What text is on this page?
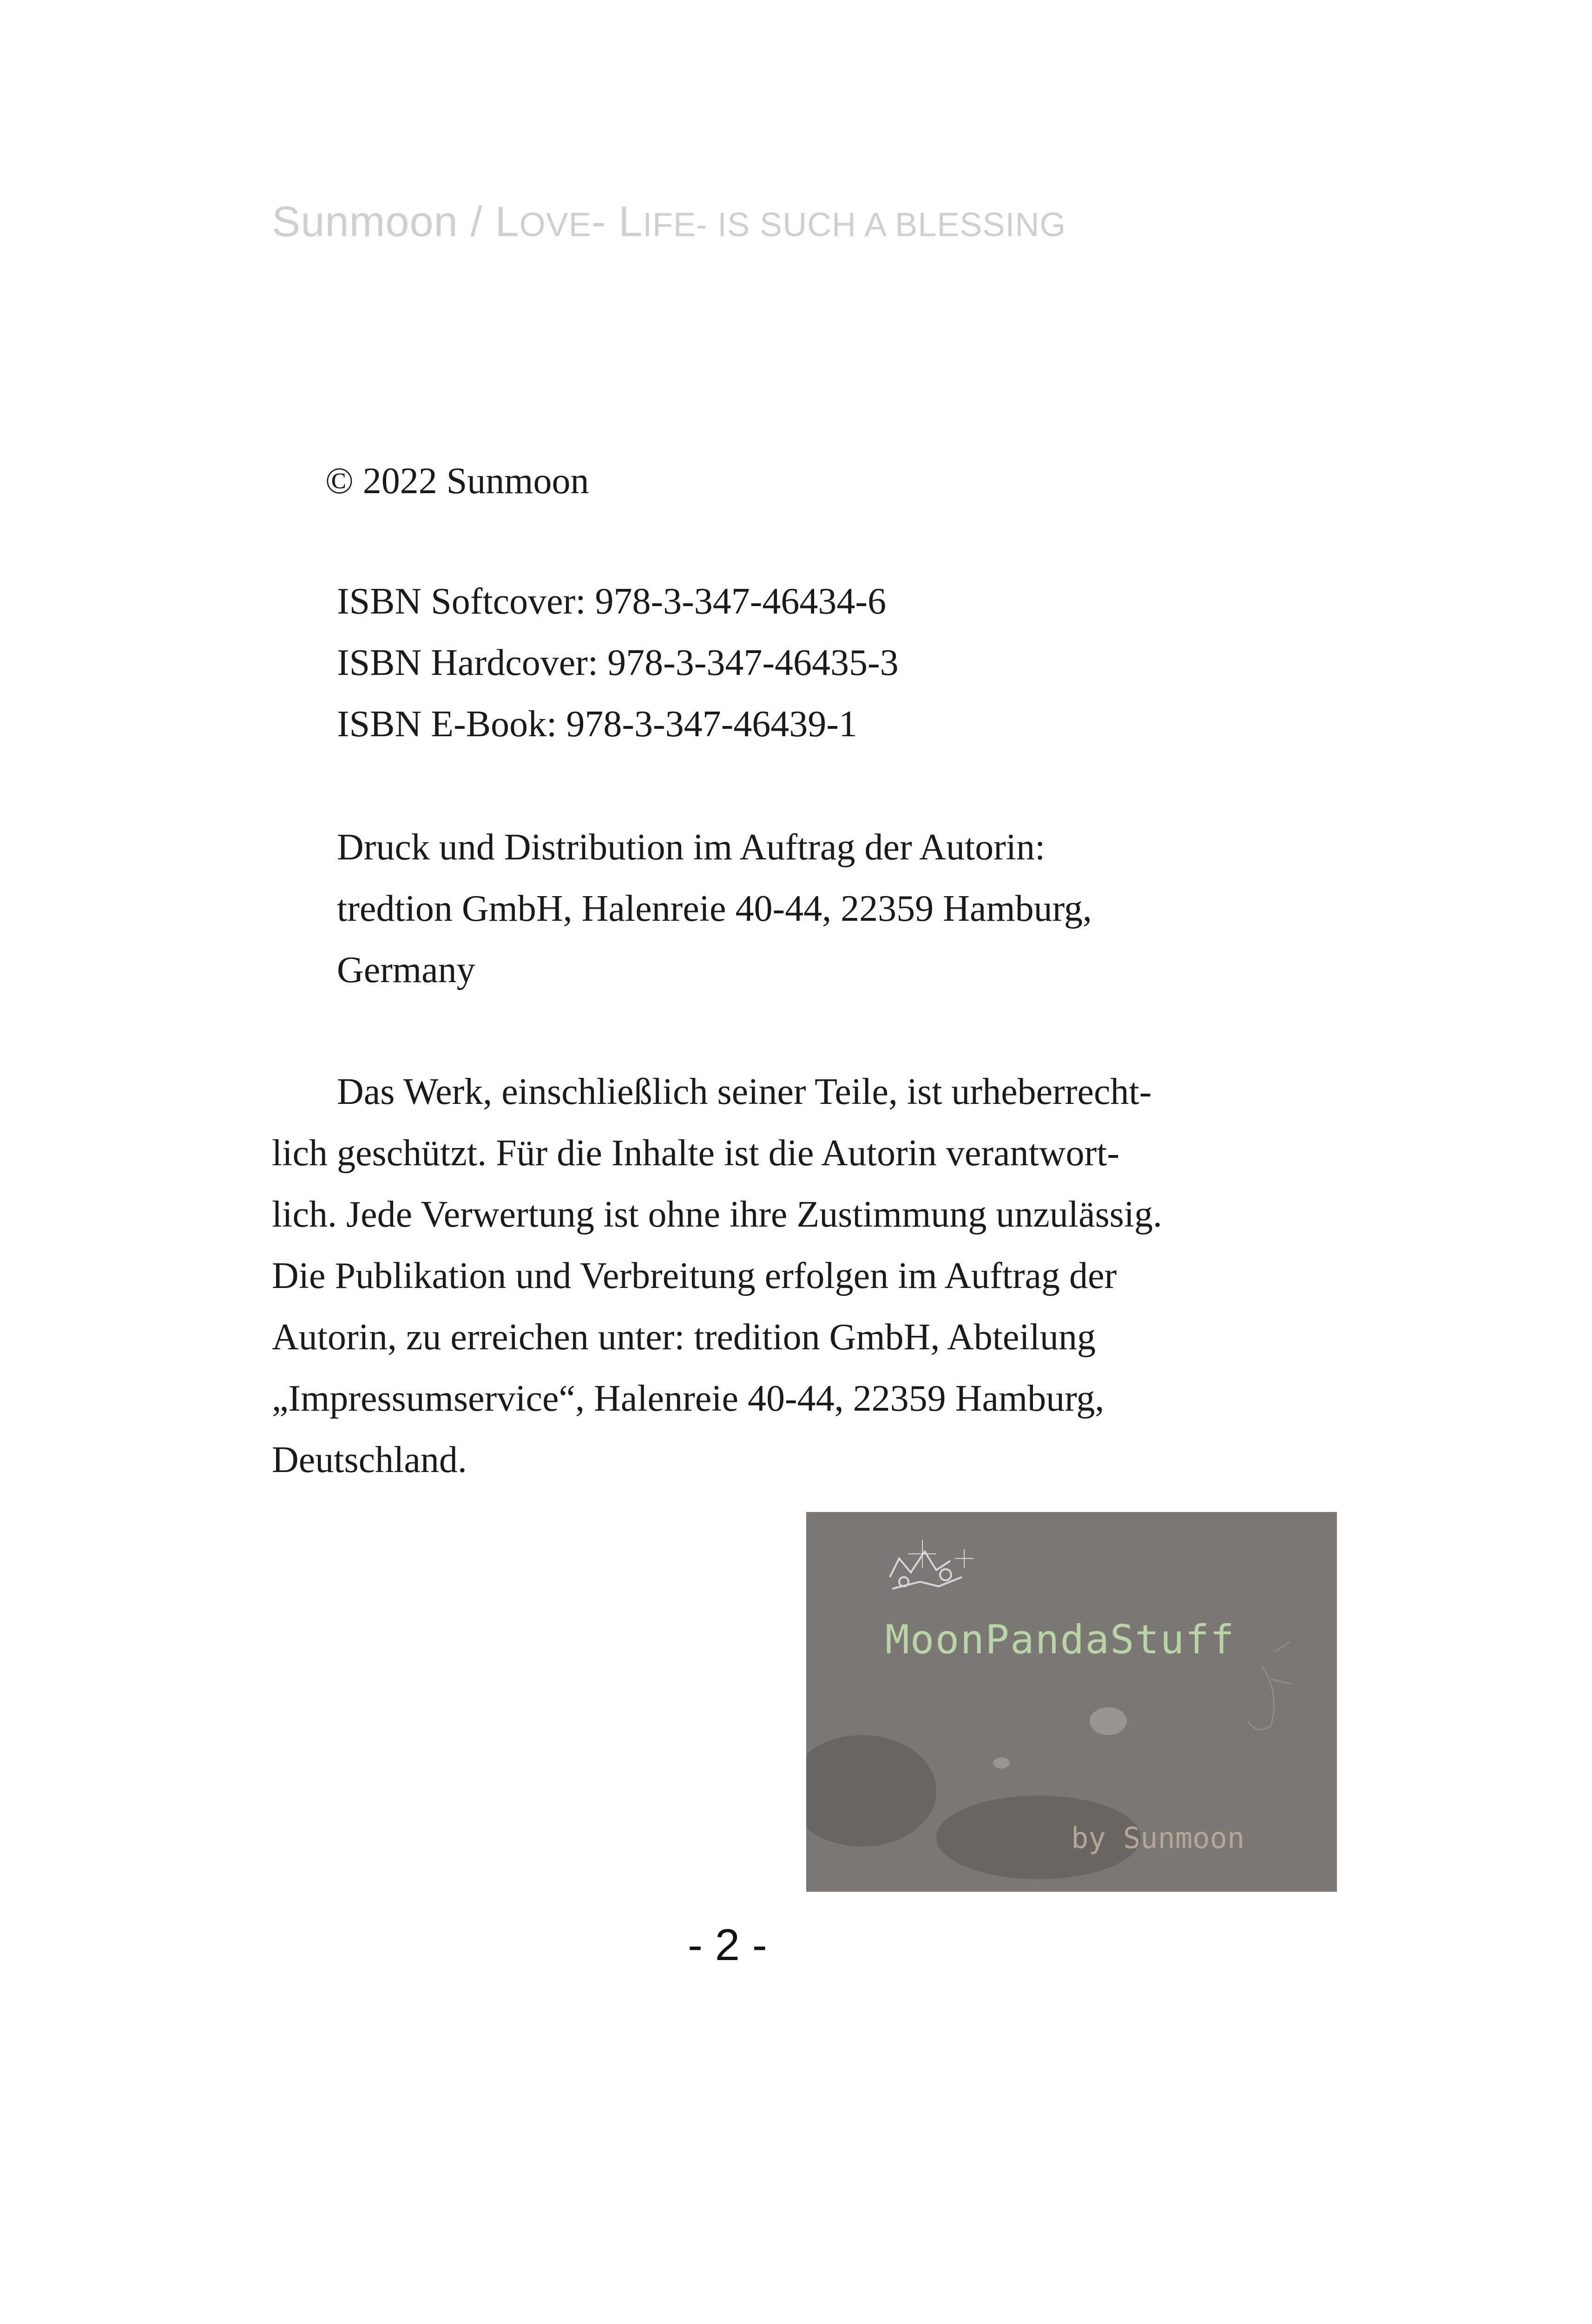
Sunmoon / LOVE- LIFE- IS SUCH A BLESSING
© 2022 Sunmoon
ISBN Softcover: 978-3-347-46434-6
ISBN Hardcover: 978-3-347-46435-3
ISBN E-Book: 978-3-347-46439-1
Druck und Distribution im Auftrag der Autorin:
tredtion GmbH, Halenreie 40-44, 22359 Hamburg,
Germany
Das Werk, einschließlich seiner Teile, ist urheberrecht-
lich geschützt. Für die Inhalte ist die Autorin verantwort-
lich. Jede Verwertung ist ohne ihre Zustimmung unzulässig.
Die Publikation und Verbreitung erfolgen im Auftrag der
Autorin, zu erreichen unter: tredition GmbH, Abteilung
„Impressumservice“, Halenreie 40-44, 22359 Hamburg,
Deutschland.
MoonPandaStuff
by Sunmoon
- 2 -
